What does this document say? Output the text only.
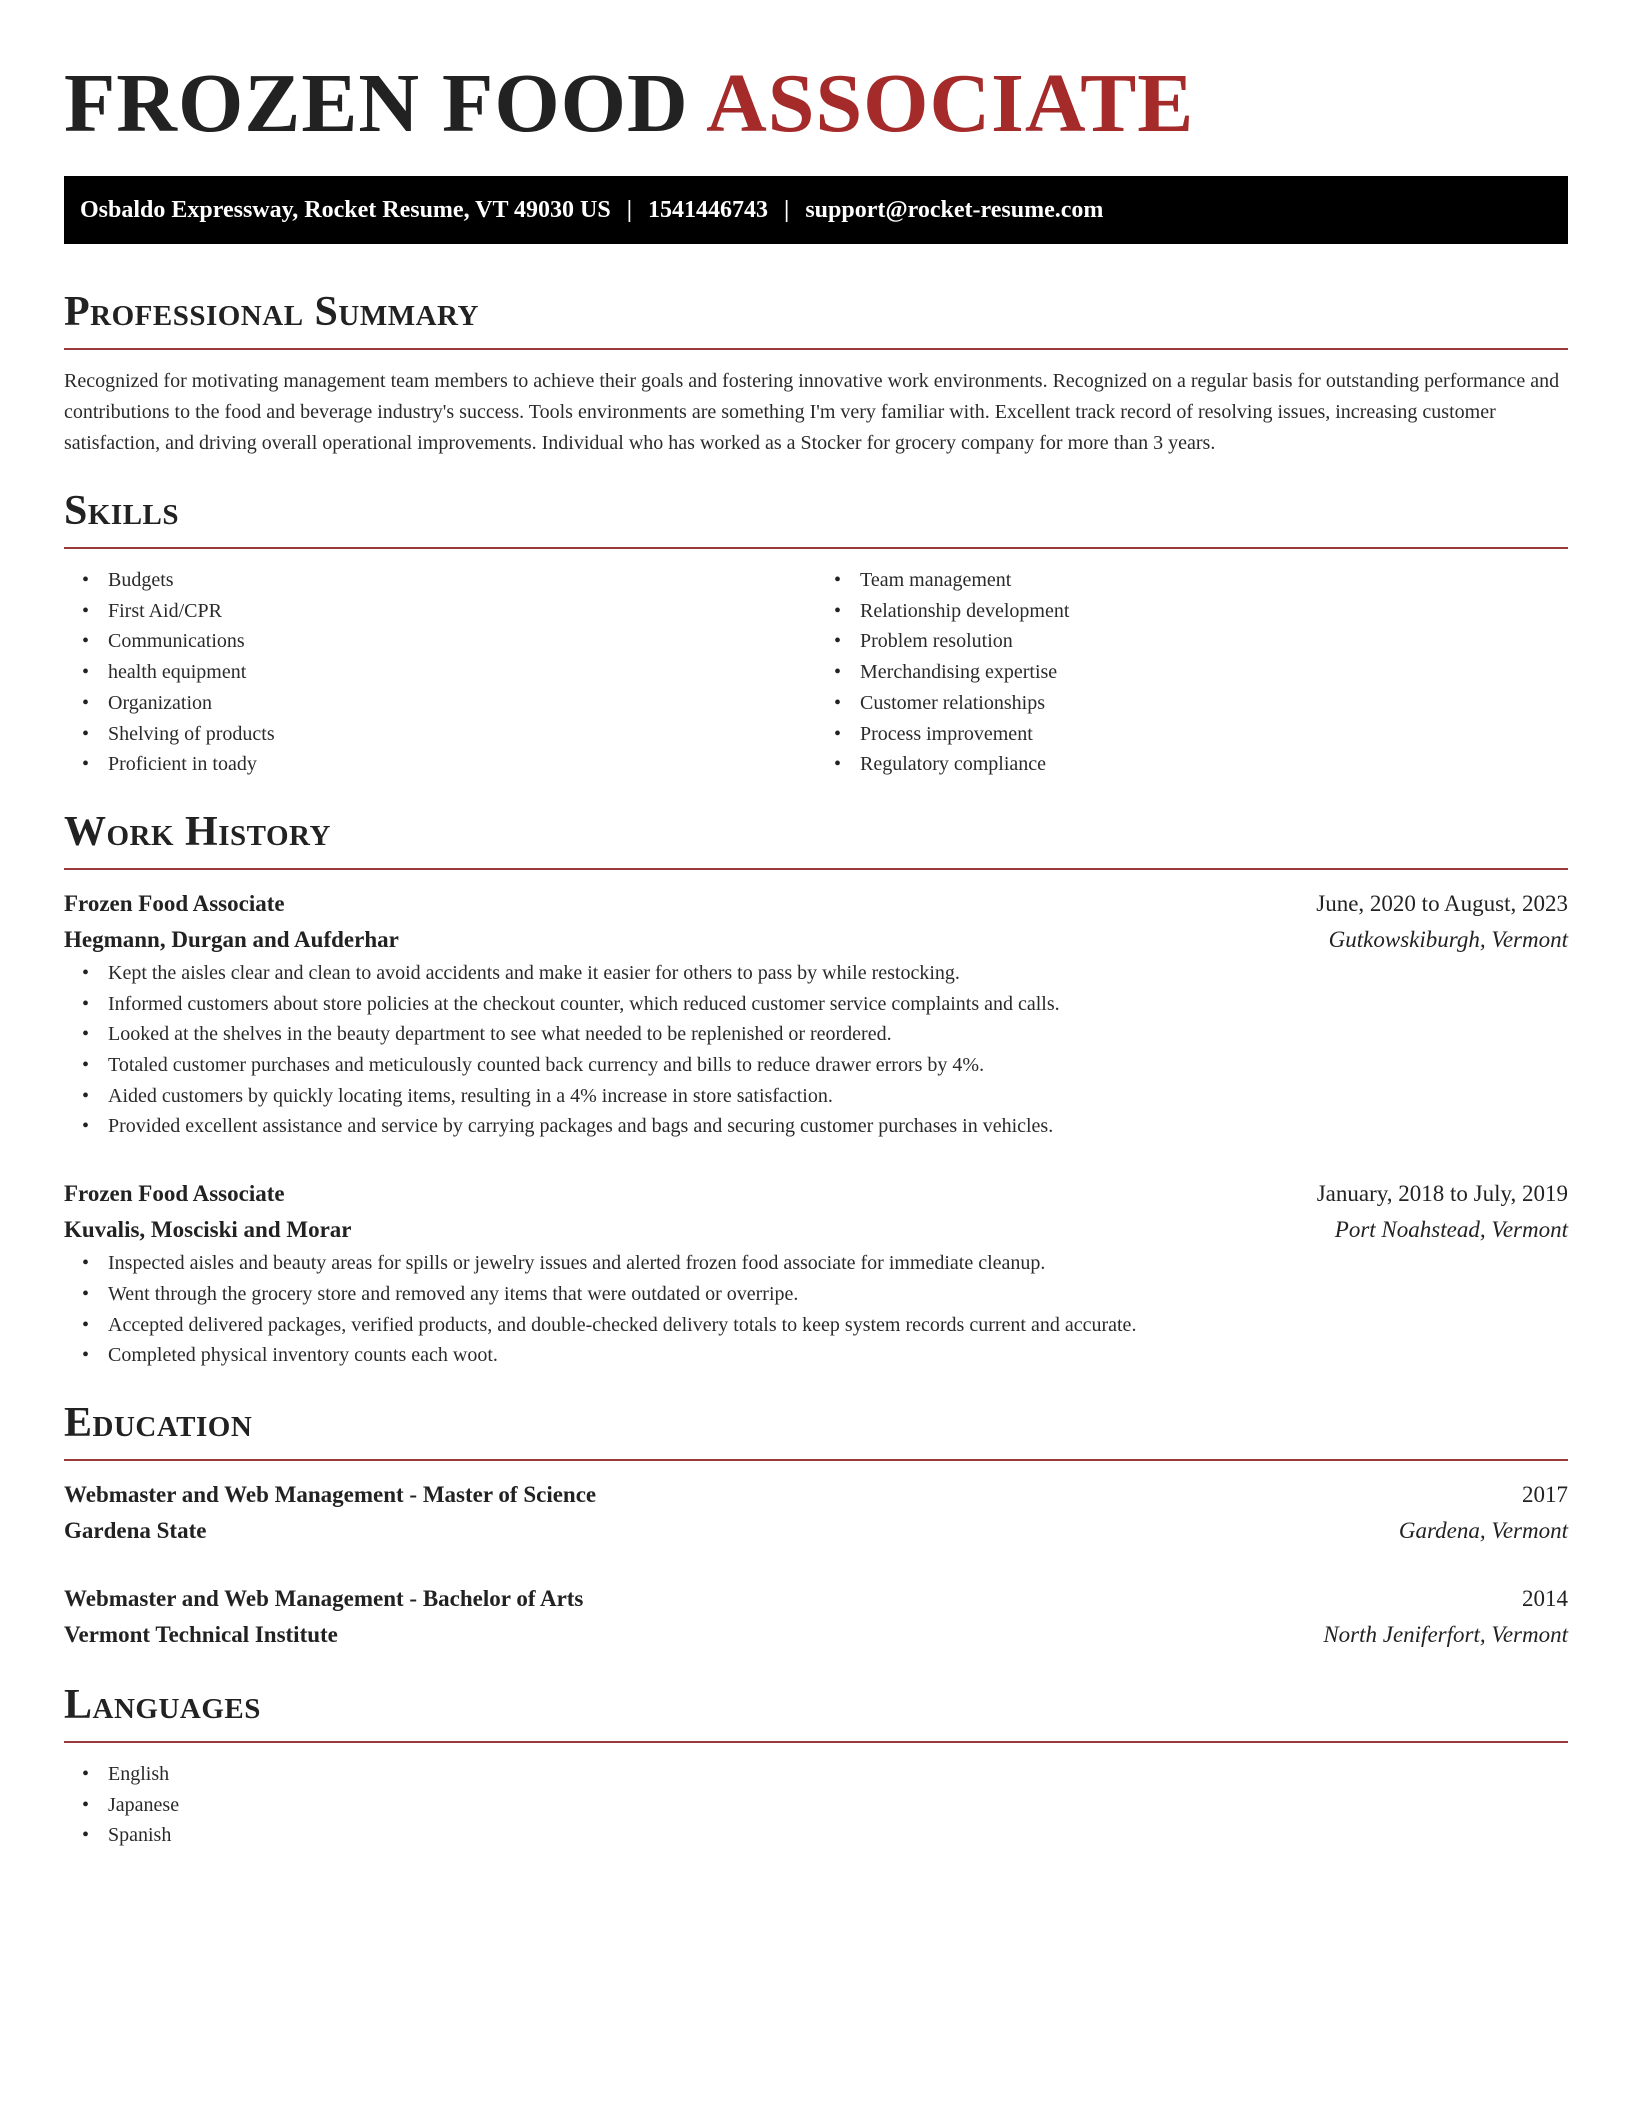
FROZEN FOOD ASSOCIATE
Osbaldo Expressway, Rocket Resume, VT 49030 US | 1541446743 | support@rocket-resume.com
Professional Summary

Recognized for motivating management team members to achieve their goals and fostering innovative work environments. Recognized on a regular basis for outstanding performance and contributions to the food and beverage industry's success. Tools environments are something I'm very familiar with. Excellent track record of resolving issues, increasing customer satisfaction, and driving overall operational improvements. Individual who has worked as a Stocker for grocery company for more than 3 years.

Skills
• Budgets
• First Aid/CPR
• Communications
• health equipment
• Organization
• Shelving of products
• Proficient in toady
• Team management
• Relationship development
• Problem resolution
• Merchandising expertise
• Customer relationships
• Process improvement
• Regulatory compliance
Work History
Frozen Food Associate	June, 2020 to August, 2023
Hegmann, Durgan and Aufderhar	Gutkowskiburgh, Vermont
• Kept the aisles clear and clean to avoid accidents and make it easier for others to pass by while restocking.
• Informed customers about store policies at the checkout counter, which reduced customer service complaints and calls.
• Looked at the shelves in the beauty department to see what needed to be replenished or reordered.
• Totaled customer purchases and meticulously counted back currency and bills to reduce drawer errors by 4%.
• Aided customers by quickly locating items, resulting in a 4% increase in store satisfaction.
• Provided excellent assistance and service by carrying packages and bags and securing customer purchases in vehicles.
Frozen Food Associate	January, 2018 to July, 2019
Kuvalis, Mosciski and Morar	Port Noahstead, Vermont
• Inspected aisles and beauty areas for spills or jewelry issues and alerted frozen food associate for immediate cleanup.
• Went through the grocery store and removed any items that were outdated or overripe.
• Accepted delivered packages, verified products, and double-checked delivery totals to keep system records current and accurate.
• Completed physical inventory counts each woot.
Education
Webmaster and Web Management - Master of Science	2017
Gardena State	Gardena, Vermont
Webmaster and Web Management - Bachelor of Arts	2014
Vermont Technical Institute	North Jeniferfort, Vermont
Languages
• English
• Japanese
• Spanish
